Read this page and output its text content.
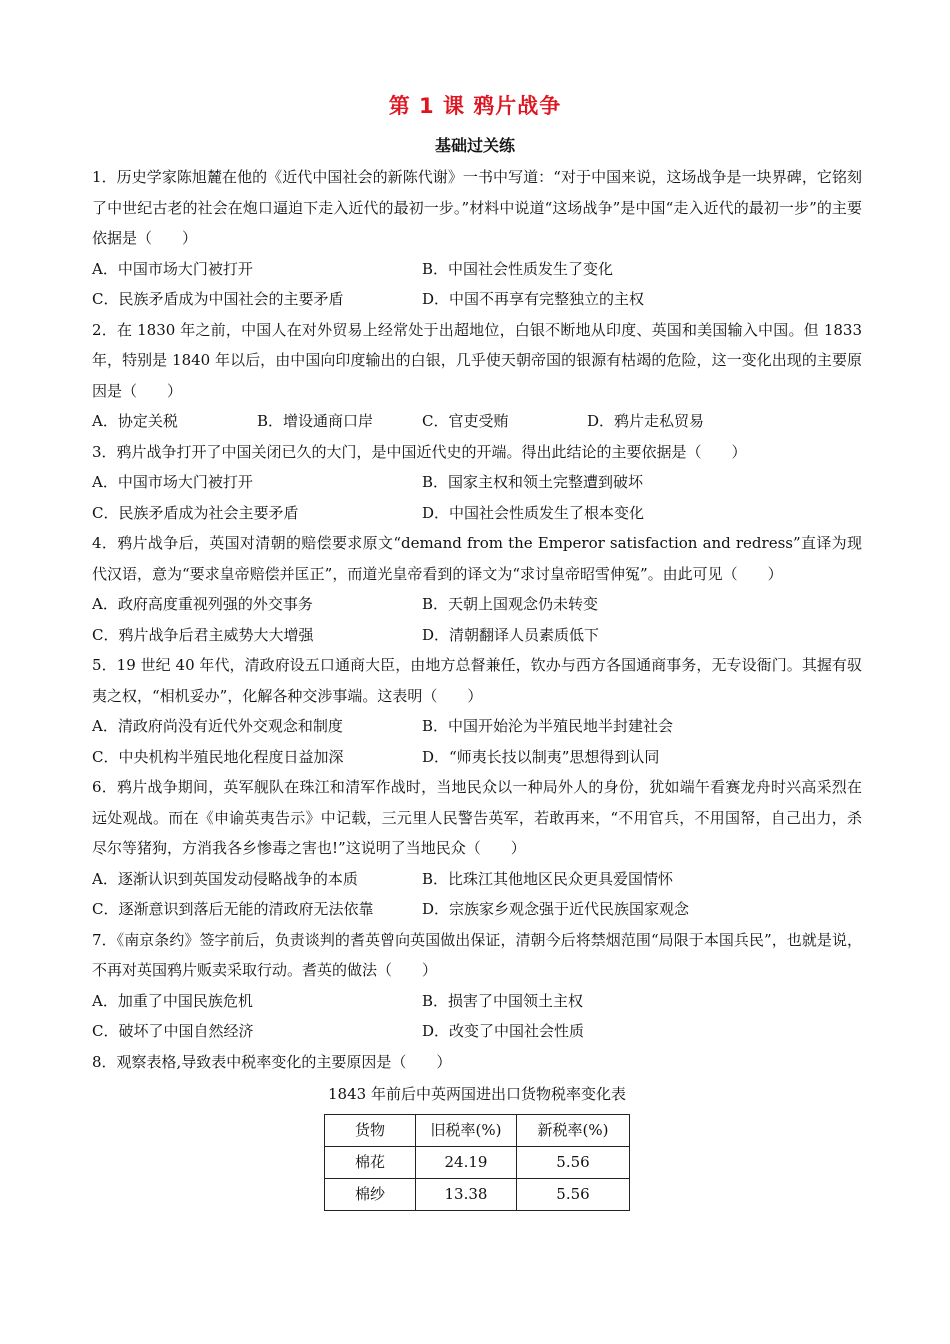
第 1 课 鸦片战争
基础过关练

1．历史学家陈旭麓在他的《近代中国社会的新陈代谢》一书中写道：“对于中国来说，这场战争是一块界碑，它铭刻了中世纪古老的社会在炮口逼迫下走入近代的最初一步。”材料中说道“这场战争”是中国“走入近代的最初一步”的主要依据是（　　）

A．中国市场大门被打开	B．中国社会性质发生了变化
C．民族矛盾成为中国社会的主要矛盾	D．中国不再享有完整独立的主权

2．在 1830 年之前，中国人在对外贸易上经常处于出超地位，白银不断地从印度、英国和美国输入中国。但 1833 年，特别是 1840 年以后，由中国向印度输出的白银，几乎使天朝帝国的银源有枯竭的危险，这一变化出现的主要原因是（　　）

A．协定关税	B．增设通商口岸	C．官吏受贿	D．鸦片走私贸易

3．鸦片战争打开了中国关闭已久的大门，是中国近代史的开端。得出此结论的主要依据是（　　）

A．中国市场大门被打开	B．国家主权和领土完整遭到破坏
C．民族矛盾成为社会主要矛盾	D．中国社会性质发生了根本变化

4．鸦片战争后，英国对清朝的赔偿要求原文“demand from the Emperor satisfaction and redress”直译为现代汉语，意为“要求皇帝赔偿并匡正”，而道光皇帝看到的译文为“求讨皇帝昭雪伸冤”。由此可见（　　）

A．政府高度重视列强的外交事务	B．天朝上国观念仍未转变
C．鸦片战争后君主威势大大增强	D．清朝翻译人员素质低下

5．19 世纪 40 年代，清政府设五口通商大臣，由地方总督兼任，钦办与西方各国通商事务，无专设衙门。其握有驭夷之权，“相机妥办”，化解各种交涉事端。这表明（　　）

A．清政府尚没有近代外交观念和制度	B．中国开始沦为半殖民地半封建社会
C．中央机构半殖民地化程度日益加深	D．“师夷长技以制夷”思想得到认同

6．鸦片战争期间，英军舰队在珠江和清军作战时，当地民众以一种局外人的身份，犹如端午看赛龙舟时兴高采烈在远处观战。而在《申谕英夷告示》中记载，三元里人民警告英军，若敢再来，“不用官兵，不用国帑，自己出力，杀尽尔等猪狗，方消我各乡惨毒之害也!”这说明了当地民众（　　）

A．逐渐认识到英国发动侵略战争的本质	B．比珠江其他地区民众更具爱国情怀
C．逐渐意识到落后无能的清政府无法依靠	D．宗族家乡观念强于近代民族国家观念

7．《南京条约》签字前后，负责谈判的耆英曾向英国做出保证，清朝今后将禁烟范围“局限于本国兵民”，也就是说，不再对英国鸦片贩卖采取行动。耆英的做法（　　）

A．加重了中国民族危机	B．损害了中国领土主权
C．破坏了中国自然经济	D．改变了中国社会性质

8．观察表格,导致表中税率变化的主要原因是（　　）

1843 年前后中英两国进出口货物税率变化表
货物	旧税率(%)	新税率(%)
棉花	24.19	5.56
棉纱	13.38	5.56
